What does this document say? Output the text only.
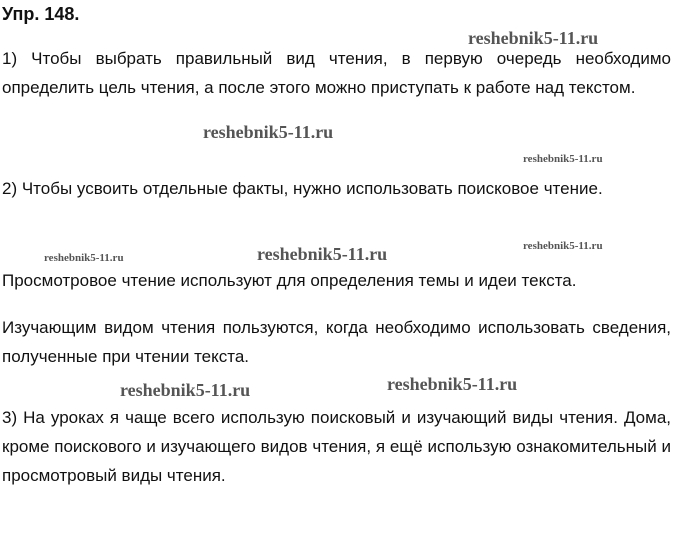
Упр. 148.
1) Чтобы выбрать правильный вид чтения, в первую очередь необходимо определить цель чтения, а после этого можно приступать к работе над текстом.
2) Чтобы усвоить отдельные факты, нужно использовать поисковое чтение.
Просмотровое чтение используют для определения темы и идеи текста.
Изучающим видом чтения пользуются, когда необходимо использовать сведения, полученные при чтении текста.
3) На уроках я чаще всего использую поисковый и изучающий виды чтения. Дома, кроме поискового и изучающего видов чтения, я ещё использую ознакомительный и просмотровый виды чтения.
reshebnik5-11.ru
reshebnik5-11.ru
reshebnik5-11.ru
reshebnik5-11.ru	reshebnik5-11.ru	reshebnik5-11.ru
reshebnik5-11.ru	reshebnik5-11.ru
